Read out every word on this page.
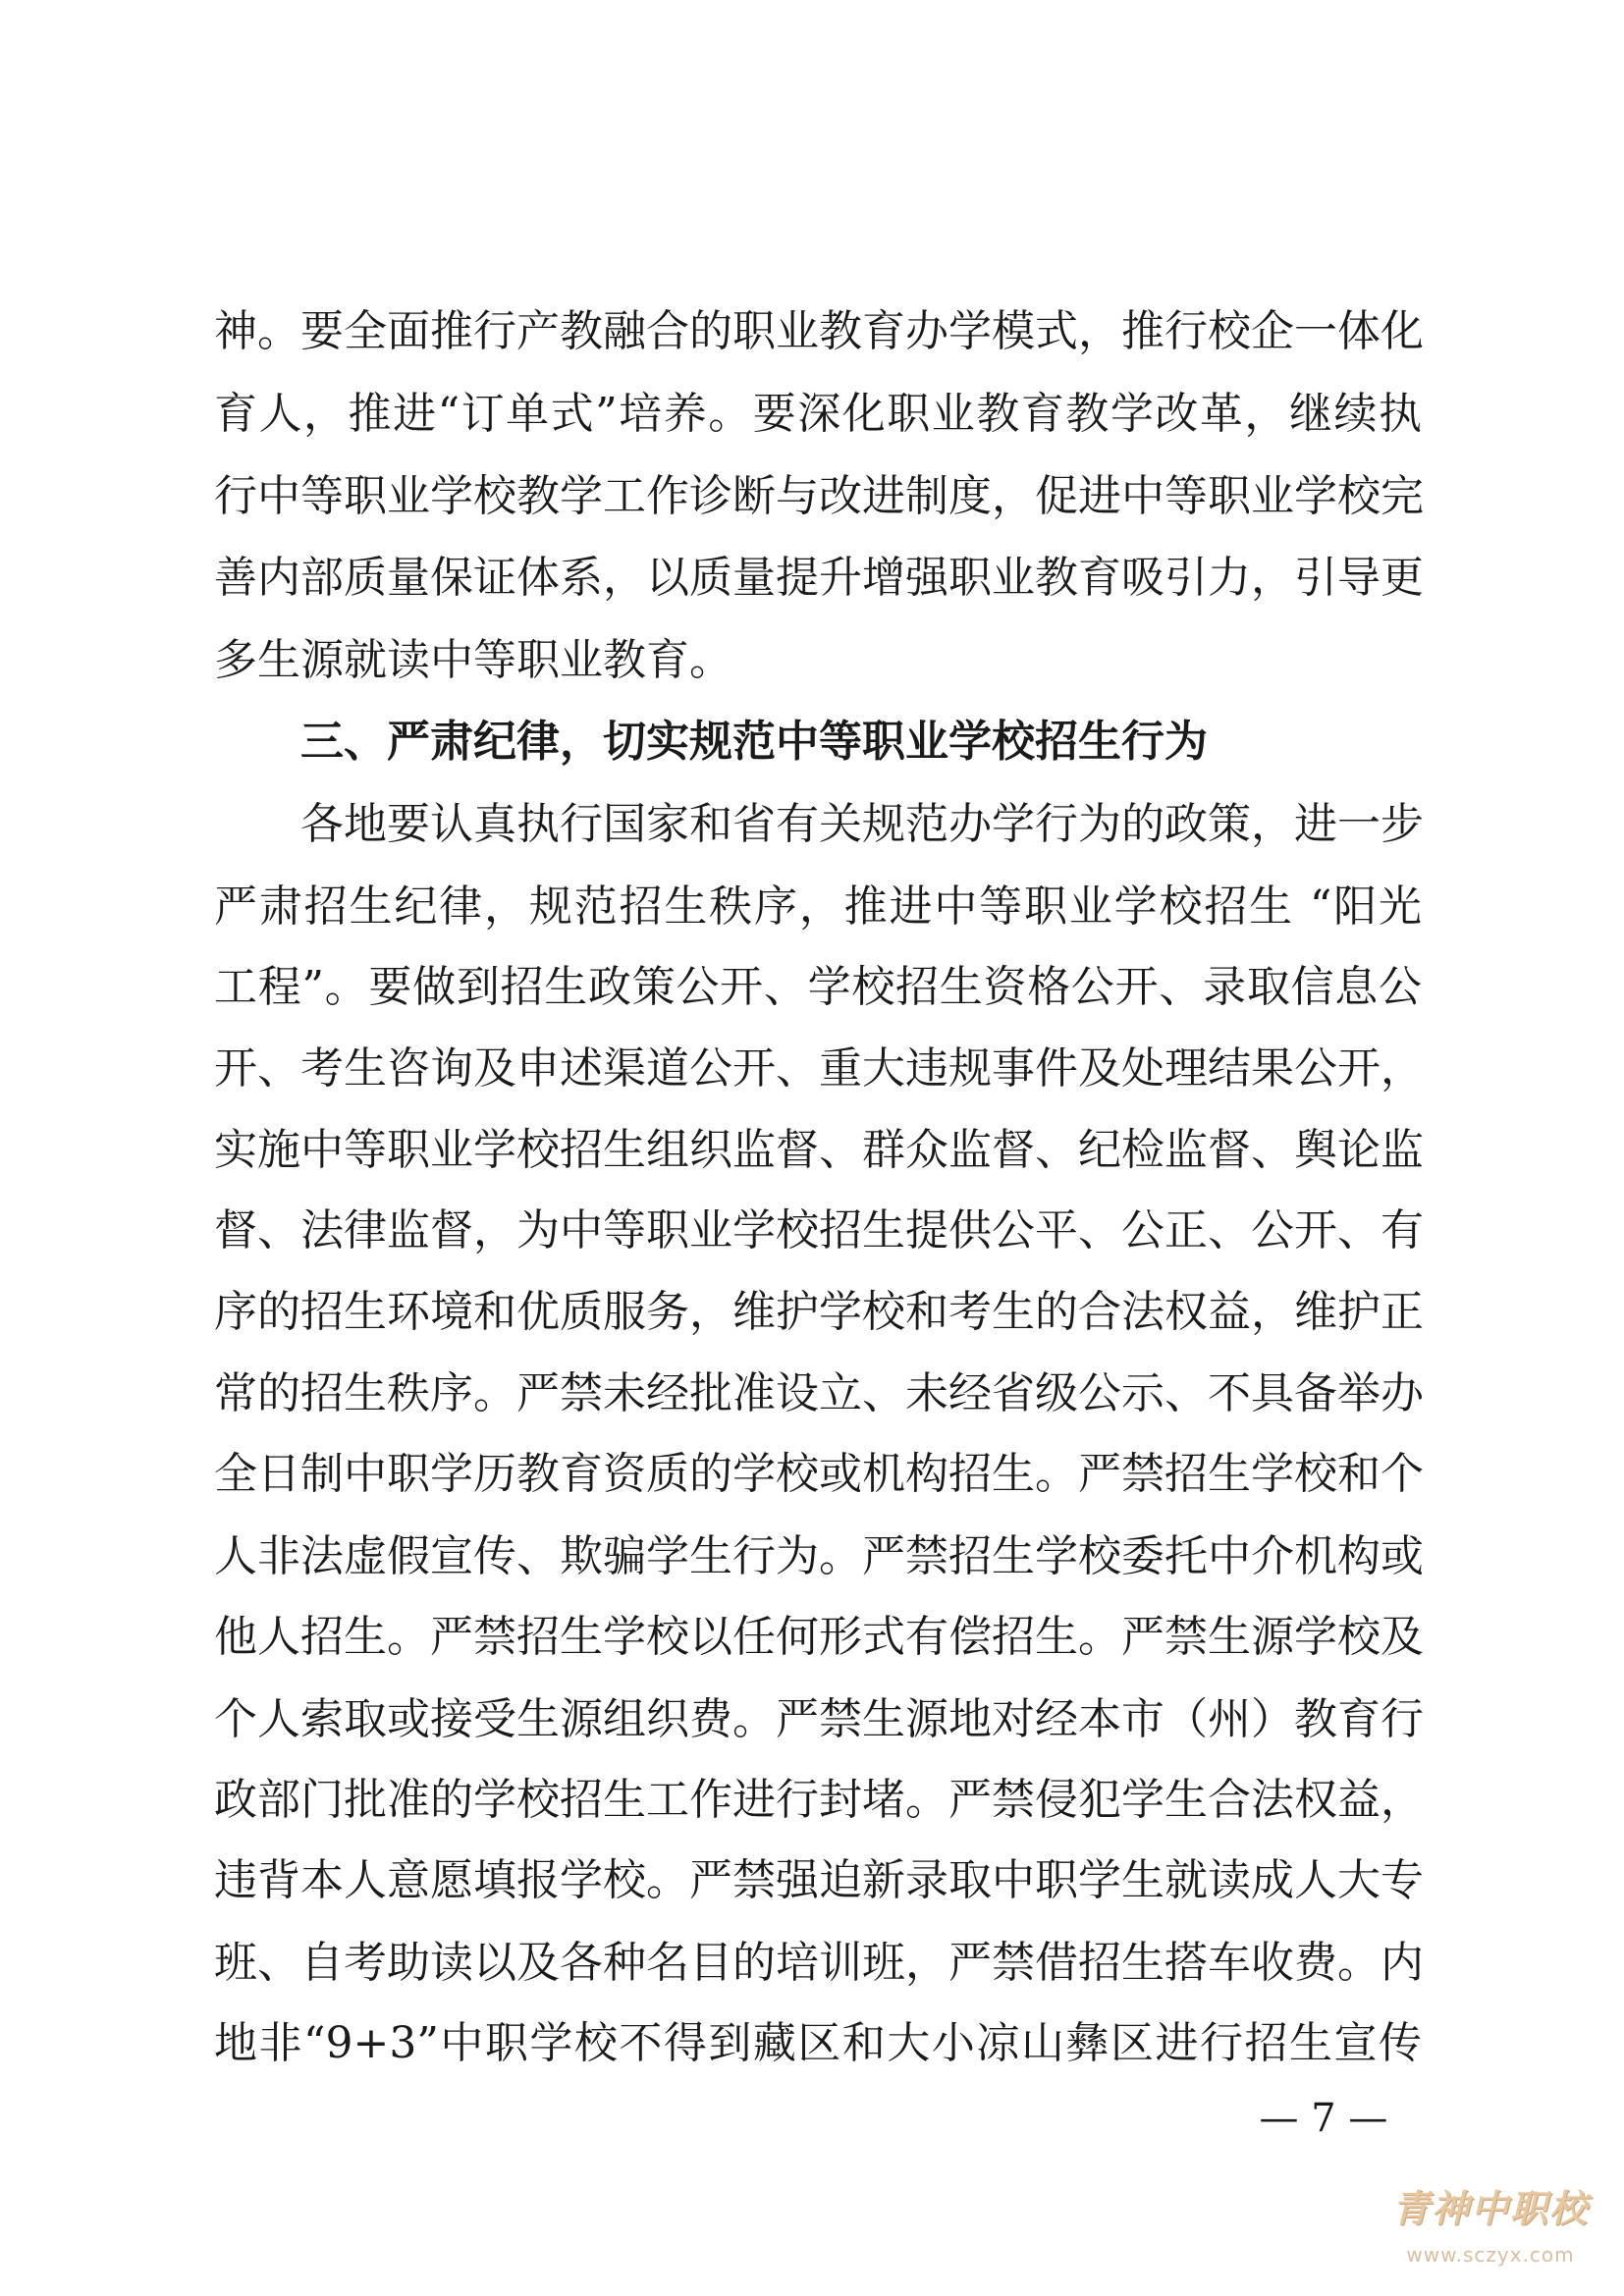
神。要全面推行产教融合的职业教育办学模式，推行校企一体化
育人，推进“订单式”培养。要深化职业教育教学改革，继续执
行中等职业学校教学工作诊断与改进制度，促进中等职业学校完
善内部质量保证体系，以质量提升增强职业教育吸引力，引导更
多生源就读中等职业教育。
三、严肃纪律，切实规范中等职业学校招生行为
各地要认真执行国家和省有关规范办学行为的政策，进一步
严肃招生纪律，规范招生秩序，推进中等职业学校招生 “阳光
工程”。要做到招生政策公开、学校招生资格公开、录取信息公
开、考生咨询及申述渠道公开、重大违规事件及处理结果公开，
实施中等职业学校招生组织监督、群众监督、纪检监督、舆论监
督、法律监督，为中等职业学校招生提供公平、公正、公开、有
序的招生环境和优质服务，维护学校和考生的合法权益，维护正
常的招生秩序。严禁未经批准设立、未经省级公示、不具备举办
全日制中职学历教育资质的学校或机构招生。严禁招生学校和个
人非法虚假宣传、欺骗学生行为。严禁招生学校委托中介机构或
他人招生。严禁招生学校以任何形式有偿招生。严禁生源学校及
个人索取或接受生源组织费。严禁生源地对经本市（州）教育行
政部门批准的学校招生工作进行封堵。严禁侵犯学生合法权益，
违背本人意愿填报学校。严禁强迫新录取中职学生就读成人大专
班、自考助读以及各种名目的培训班，严禁借招生搭车收费。内
地非“9+3”中职学校不得到藏区和大小凉山彝区进行招生宣传
— 7 —
青神中职校
www.sczyx.com
